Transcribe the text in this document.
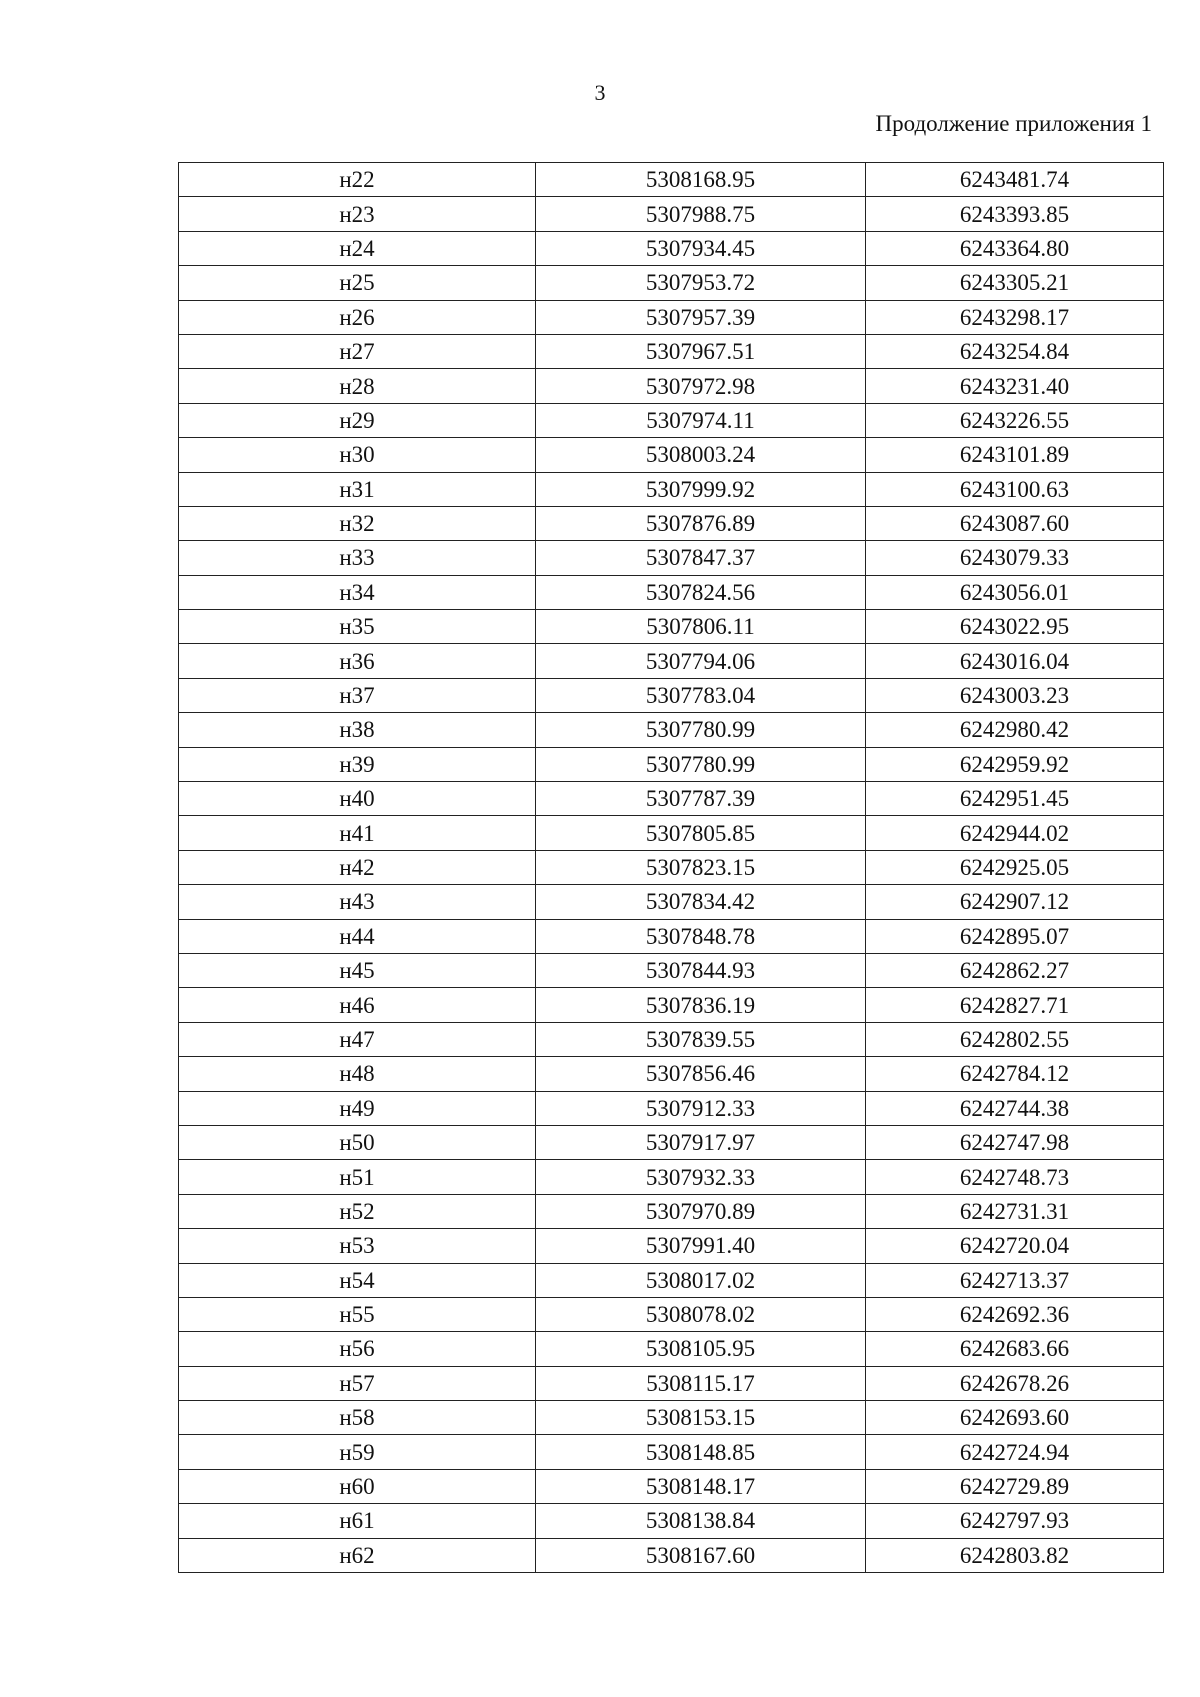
3
Продолжение приложения 1
н22	5308168.95	6243481.74
н23	5307988.75	6243393.85
н24	5307934.45	6243364.80
н25	5307953.72	6243305.21
н26	5307957.39	6243298.17
н27	5307967.51	6243254.84
н28	5307972.98	6243231.40
н29	5307974.11	6243226.55
н30	5308003.24	6243101.89
н31	5307999.92	6243100.63
н32	5307876.89	6243087.60
н33	5307847.37	6243079.33
н34	5307824.56	6243056.01
н35	5307806.11	6243022.95
н36	5307794.06	6243016.04
н37	5307783.04	6243003.23
н38	5307780.99	6242980.42
н39	5307780.99	6242959.92
н40	5307787.39	6242951.45
н41	5307805.85	6242944.02
н42	5307823.15	6242925.05
н43	5307834.42	6242907.12
н44	5307848.78	6242895.07
н45	5307844.93	6242862.27
н46	5307836.19	6242827.71
н47	5307839.55	6242802.55
н48	5307856.46	6242784.12
н49	5307912.33	6242744.38
н50	5307917.97	6242747.98
н51	5307932.33	6242748.73
н52	5307970.89	6242731.31
н53	5307991.40	6242720.04
н54	5308017.02	6242713.37
н55	5308078.02	6242692.36
н56	5308105.95	6242683.66
н57	5308115.17	6242678.26
н58	5308153.15	6242693.60
н59	5308148.85	6242724.94
н60	5308148.17	6242729.89
н61	5308138.84	6242797.93
н62	5308167.60	6242803.82
